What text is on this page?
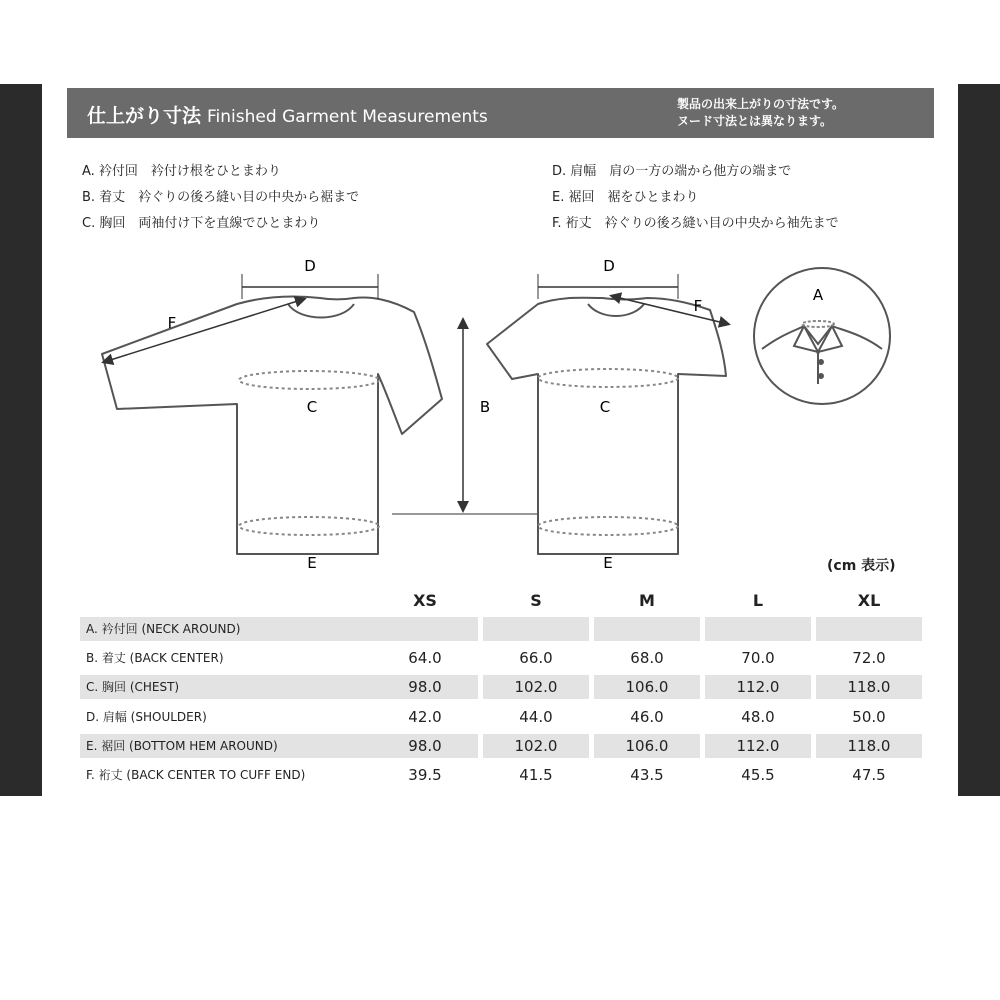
仕上がり寸法 Finished Garment Measurements
製品の出来上がりの寸法です。
ヌード寸法とは異なります。
A. 衿付回　衿付け根をひとまわり
B. 着丈　衿ぐりの後ろ縫い目の中央から裾まで
C. 胸回　両袖付け下を直線でひとまわり
D. 肩幅　肩の一方の端から他方の端まで
E. 裾回　裾をひとまわり
F. 裄丈　衿ぐりの後ろ縫い目の中央から袖先まで
D
F
C
E
B
D
F
C
E
A
(cm 表示)
XS	S	M	L	XL
A. 衿付回 (NECK AROUND)
B. 着丈 (BACK CENTER)	64.0	66.0	68.0	70.0	72.0
C. 胸回 (CHEST)	98.0	102.0	106.0	112.0	118.0
D. 肩幅 (SHOULDER)	42.0	44.0	46.0	48.0	50.0
E. 裾回 (BOTTOM HEM AROUND)	98.0	102.0	106.0	112.0	118.0
F. 裄丈 (BACK CENTER TO CUFF END)	39.5	41.5	43.5	45.5	47.5
